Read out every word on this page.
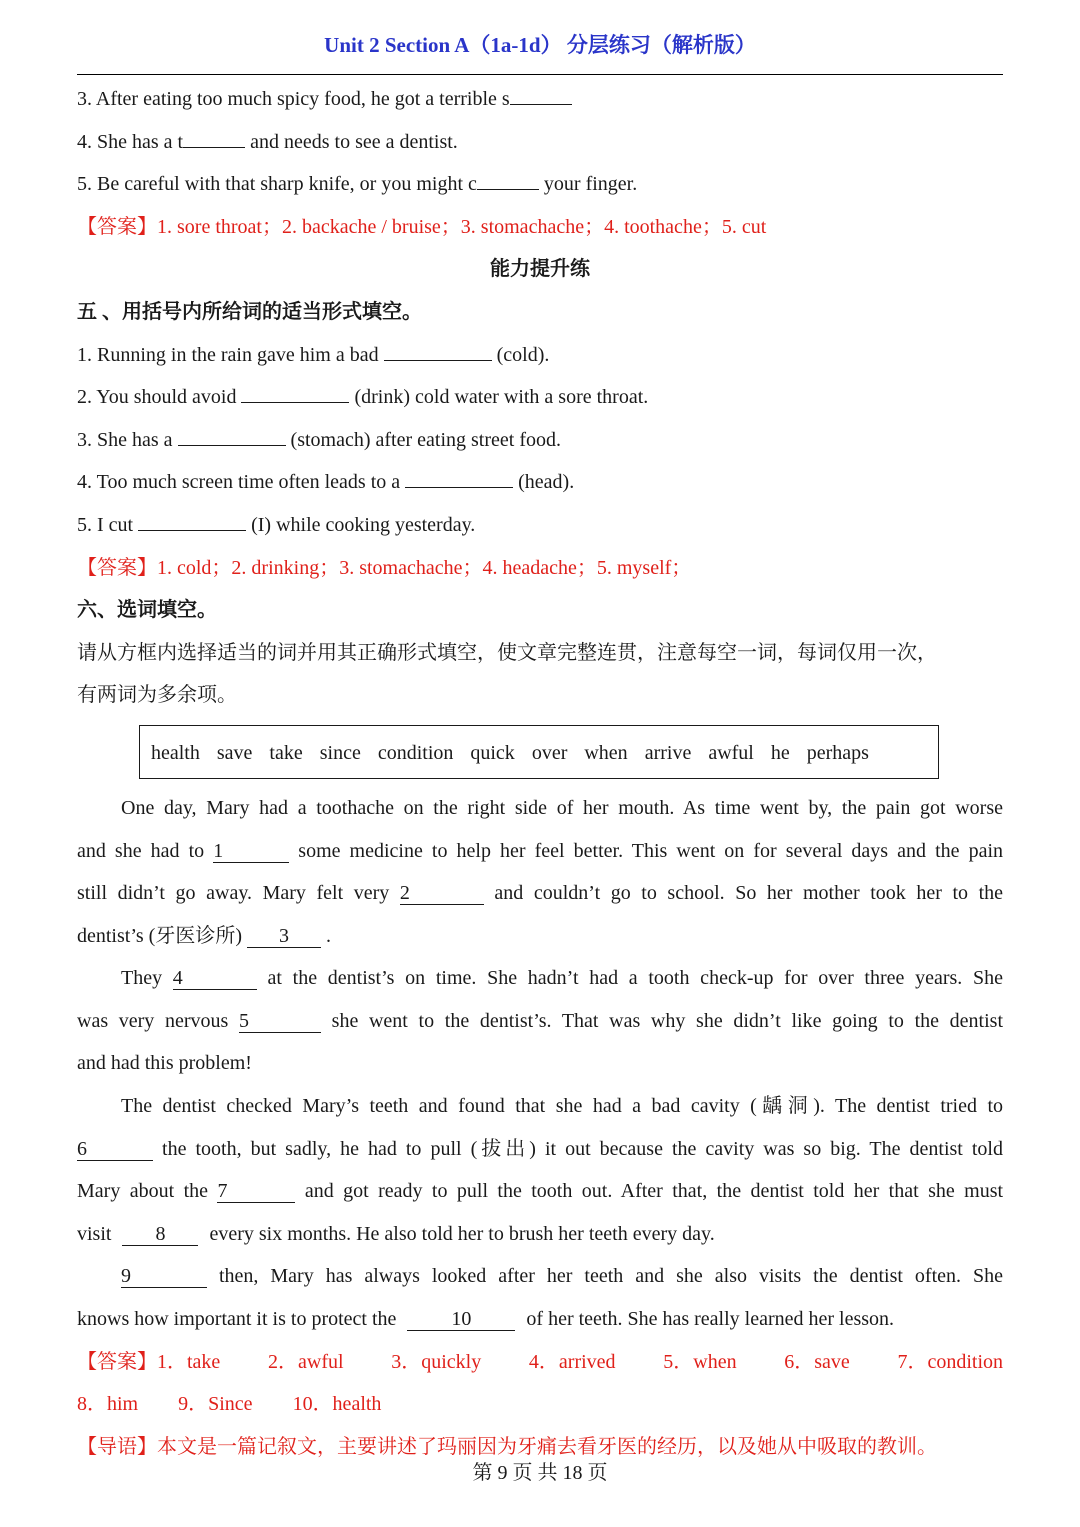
Unit 2 Section A（1a-1d） 分层练习（解析版）
3. After eating too much spicy food, he got a terrible s
4. She has a t	and needs to see a dentist.
5. Be careful with that sharp knife, or you might c	your finger.
【答案】1. sore throat；2. backache / bruise；3. stomachache；4. toothache；5. cut
能力提升练
五 、用括号内所给词的适当形式填空。
1. Running in the rain gave him a bad	(cold).
2. You should avoid	(drink) cold water with a sore throat.
3. She has a	(stomach) after eating street food.
4. Too much screen time often leads to a	(head).
5. I cut	(I) while cooking yesterday.
【答案】1. cold；2. drinking；3. stomachache；4. headache；5. myself；
六、选词填空。
请从方框内选择适当的词并用其正确形式填空，使文章完整连贯，注意每空一词，每词仅用一次，
有两词为多余项。
health save take since condition quick over when arrive awful he perhaps
One day, Mary had a toothache on the right side of her mouth. As time went by, the pain got worse
and she had to 1	some medicine to help her feel better. This went on for several days and the pain
still didn’t go away. Mary felt very 2	and couldn’t go to school. So her mother took her to the
dentist’s (牙医诊所) 3 .
They 4	at the dentist’s on time. She hadn’t had a tooth check-up for over three years. She
was very nervous 5	she went to the dentist’s. That was why she didn’t like going to the dentist
and had this problem!
The dentist checked Mary’s teeth and found that she had a bad cavity (龋洞). The dentist tried to
6	the tooth, but sadly, he had to pull (拔出) it out because the cavity was so big. The dentist told
Mary about the 7	and got ready to pull the tooth out. After that, the dentist told her that she must
visit 8 every six months. He also told her to brush her teeth every day.
9	then, Mary has always looked after her teeth and she also visits the dentist often. She
knows how important it is to protect the	10	of her teeth. She has really learned her lesson.
【答案】1．take 2．awful 3．quickly 4．arrived 5．when 6．save 7．condition
8．him 9．Since 10．health
【导语】本文是一篇记叙文，主要讲述了玛丽因为牙痛去看牙医的经历，以及她从中吸取的教训。
第 9 页 共 18 页
